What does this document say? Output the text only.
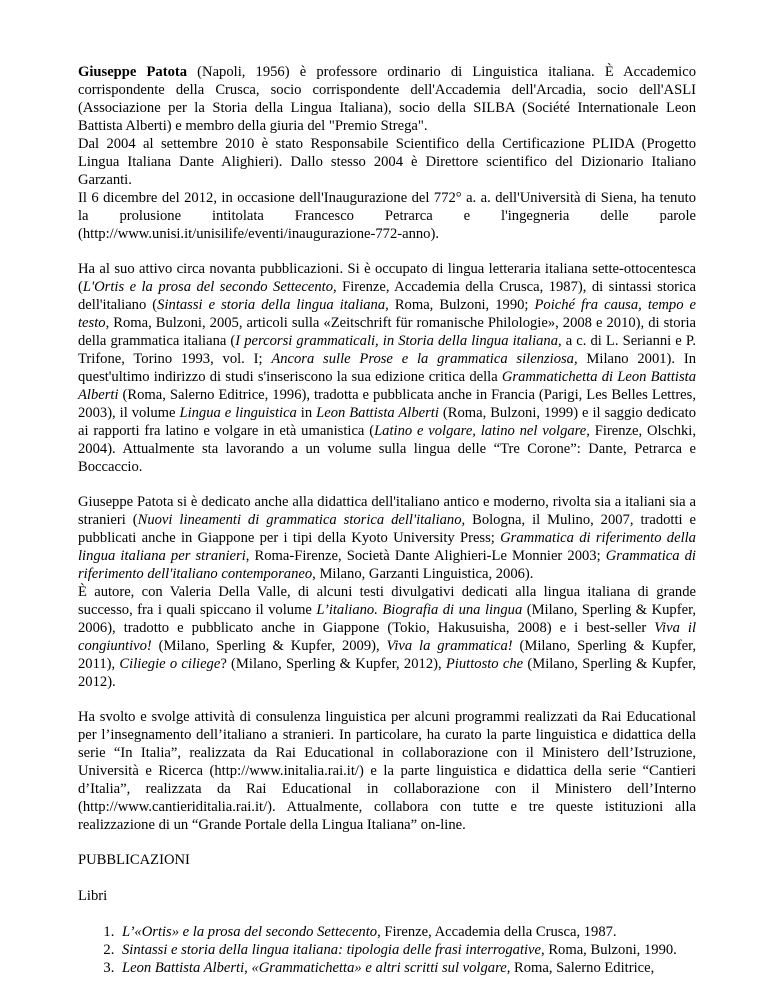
Giuseppe Patota (Napoli, 1956) è professore ordinario di Linguistica italiana. È Accademico corrispondente della Crusca, socio corrispondente dell'Accademia dell'Arcadia, socio dell'ASLI (Associazione per la Storia della Lingua Italiana), socio della SILBA (Société Internationale Leon Battista Alberti) e membro della giuria del "Premio Strega".
Dal 2004 al settembre 2010 è stato Responsabile Scientifico della Certificazione PLIDA (Progetto Lingua Italiana Dante Alighieri). Dallo stesso 2004 è Direttore scientifico del Dizionario Italiano Garzanti.
Il 6 dicembre del 2012, in occasione dell'Inaugurazione del 772° a. a. dell'Università di Siena, ha tenuto la prolusione intitolata Francesco Petrarca e l'ingegneria delle parole (http://www.unisi.it/unisilife/eventi/inaugurazione-772-anno).

Ha al suo attivo circa novanta pubblicazioni. Si è occupato di lingua letteraria italiana sette-ottocentesca (L'Ortis e la prosa del secondo Settecento, Firenze, Accademia della Crusca, 1987), di sintassi storica dell'italiano (Sintassi e storia della lingua italiana, Roma, Bulzoni, 1990; Poiché fra causa, tempo e testo, Roma, Bulzoni, 2005, articoli sulla «Zeitschrift für romanische Philologie», 2008 e 2010), di storia della grammatica italiana (I percorsi grammaticali, in Storia della lingua italiana, a c. di L. Serianni e P. Trifone, Torino 1993, vol. I; Ancora sulle Prose e la grammatica silenziosa, Milano 2001). In quest'ultimo indirizzo di studi s'inseriscono la sua edizione critica della Grammatichetta di Leon Battista Alberti (Roma, Salerno Editrice, 1996), tradotta e pubblicata anche in Francia (Parigi, Les Belles Lettres, 2003), il volume Lingua e linguistica in Leon Battista Alberti (Roma, Bulzoni, 1999) e il saggio dedicato ai rapporti fra latino e volgare in età umanistica (Latino e volgare, latino nel volgare, Firenze, Olschki, 2004). Attualmente sta lavorando a un volume sulla lingua delle “Tre Corone”: Dante, Petrarca e Boccaccio.

Giuseppe Patota si è dedicato anche alla didattica dell'italiano antico e moderno, rivolta sia a italiani sia a stranieri (Nuovi lineamenti di grammatica storica dell'italiano, Bologna, il Mulino, 2007, tradotti e pubblicati anche in Giappone per i tipi della Kyoto University Press; Grammatica di riferimento della lingua italiana per stranieri, Roma-Firenze, Società Dante Alighieri-Le Monnier 2003; Grammatica di riferimento dell'italiano contemporaneo, Milano, Garzanti Linguistica, 2006).
È autore, con Valeria Della Valle, di alcuni testi divulgativi dedicati alla lingua italiana di grande successo, fra i quali spiccano il volume L’italiano. Biografia di una lingua (Milano, Sperling & Kupfer, 2006), tradotto e pubblicato anche in Giappone (Tokio, Hakusuisha, 2008) e i best-seller Viva il congiuntivo! (Milano, Sperling & Kupfer, 2009), Viva la grammatica! (Milano, Sperling & Kupfer, 2011), Ciliegie o ciliege? (Milano, Sperling & Kupfer, 2012), Piuttosto che (Milano, Sperling & Kupfer, 2012).

Ha svolto e svolge attività di consulenza linguistica per alcuni programmi realizzati da Rai Educational per l’insegnamento dell’italiano a stranieri. In particolare, ha curato la parte linguistica e didattica della serie “In Italia”, realizzata da Rai Educational in collaborazione con il Ministero dell’Istruzione, Università e Ricerca (http://www.initalia.rai.it/) e la parte linguistica e didattica della serie “Cantieri d’Italia”, realizzata da Rai Educational in collaborazione con il Ministero dell’Interno (http://www.cantieriditalia.rai.it/). Attualmente, collabora con tutte e tre queste istituzioni alla realizzazione di un “Grande Portale della Lingua Italiana” on-line.

PUBBLICAZIONI
Libri
1. L’«Ortis» e la prosa del secondo Settecento, Firenze, Accademia della Crusca, 1987.
2. Sintassi e storia della lingua italiana: tipologia delle frasi interrogative, Roma, Bulzoni, 1990.
3. Leon Battista Alberti, «Grammatichetta» e altri scritti sul volgare, Roma, Salerno Editrice,
